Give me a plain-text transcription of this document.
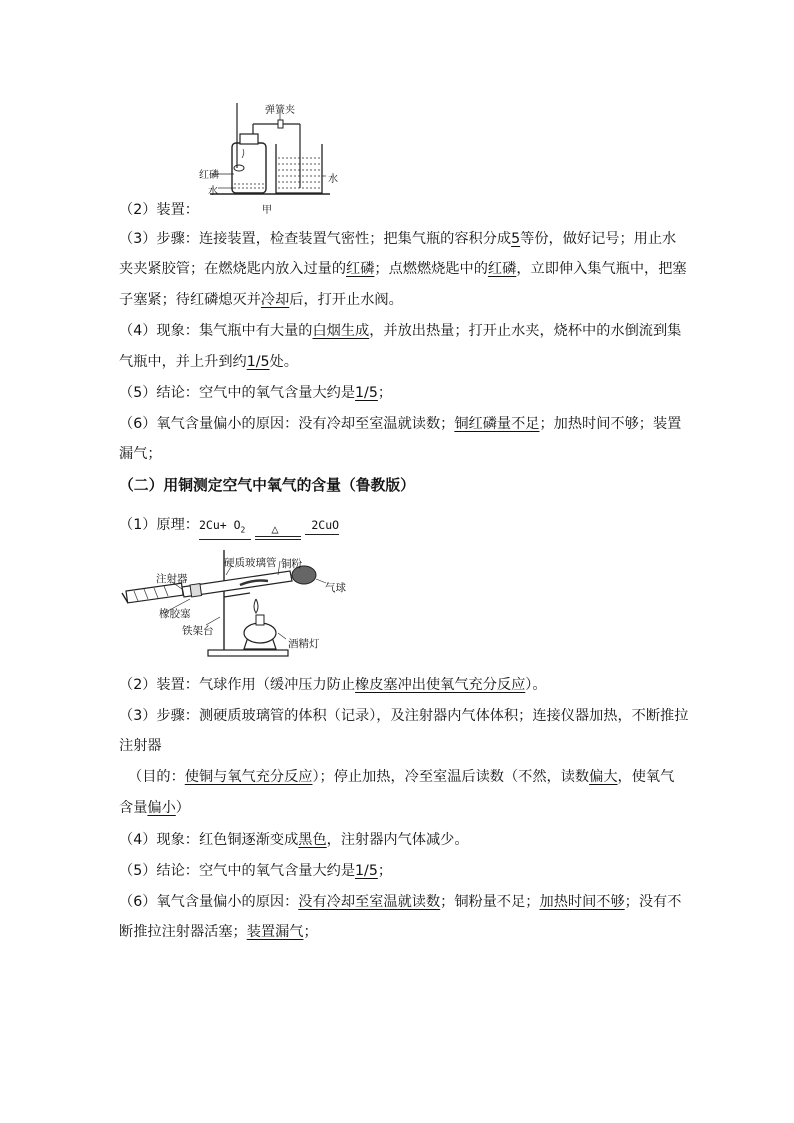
弹簧夹
红磷
水
水
甲
（2）装置：
（3）步骤：连接装置，检查装置气密性；把集气瓶的容积分成5等份，做好记号；用止水
夹夹紧胶管；在燃烧匙内放入过量的红磷；点燃燃烧匙中的红磷，立即伸入集气瓶中，把塞
子塞紧；待红磷熄灭并冷却后，打开止水阀。
（4）现象：集气瓶中有大量的白烟生成，并放出热量；打开止水夹，烧杯中的水倒流到集
气瓶中，并上升到约1/5处。
（5）结论：空气中的氧气含量大约是1/5；
（6）氧气含量偏小的原因：没有冷却至室温就读数；铜红磷量不足；加热时间不够；装置
漏气；
（二）用铜测定空气中氧气的含量（鲁教版）
（1）原理：$2Cu+ O_2$ △	2CuO
注射器
硬质玻璃管 铜粉
气球
橡胶塞
铁架台
酒精灯
（2）装置：气球作用（缓冲压力防止橡皮塞冲出使氧气充分反应）。
（3）步骤：测硬质玻璃管的体积（记录），及注射器内气体体积；连接仪器加热，不断推拉
注射器
（目的：使铜与氧气充分反应）；停止加热，冷至室温后读数（不然，读数偏大，使氧气
含量偏小）
（4）现象：红色铜逐渐变成黑色，注射器内气体减少。
（5）结论：空气中的氧气含量大约是1/5；
（6）氧气含量偏小的原因：没有冷却至室温就读数；铜粉量不足；加热时间不够；没有不
断推拉注射器活塞；装置漏气；
